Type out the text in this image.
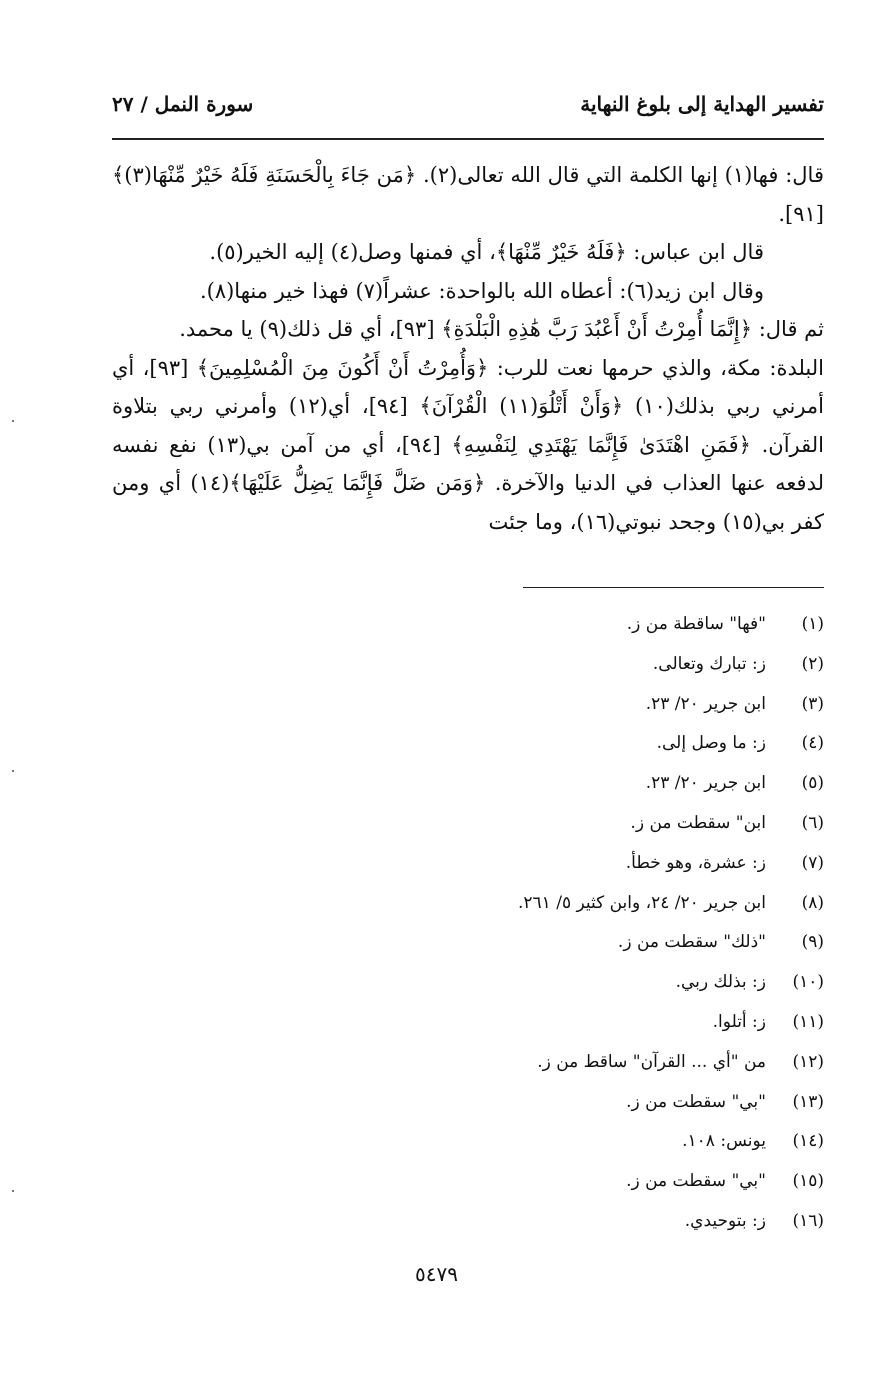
تفسير الهداية إلى بلوغ النهاية
سورة النمل / ٢٧

قال: فها(١) إنها الكلمة التي قال الله تعالى(٢). ﴿مَن جَاءَ بِالْحَسَنَةِ فَلَهُ خَيْرٌ مِّنْهَا(٣)﴾ [٩١].

قال ابن عباس: ﴿فَلَهُ خَيْرٌ مِّنْهَا﴾، أي فمنها وصل(٤) إليه الخير(٥).

وقال ابن زيد(٦): أعطاه الله بالواحدة: عشراً(٧) فهذا خير منها(٨).

ثم قال: ﴿إِنَّمَا أُمِرْتُ أَنْ أَعْبُدَ رَبَّ هَٰذِهِ الْبَلْدَةِ﴾ [٩٣]، أي قل ذلك(٩) يا محمد.

البلدة: مكة، والذي حرمها نعت للرب: ﴿وَأُمِرْتُ أَنْ أَكُونَ مِنَ الْمُسْلِمِينَ﴾ [٩٣]، أي أمرني ربي بذلك(١٠) ﴿وَأَنْ أَتْلُوَ(١١) الْقُرْآنَ﴾ [٩٤]، أي(١٢) وأمرني ربي بتلاوة القرآن. ﴿فَمَنِ اهْتَدَىٰ فَإِنَّمَا يَهْتَدِي لِنَفْسِهِ﴾ [٩٤]، أي من آمن بي(١٣) نفع نفسه لدفعه عنها العذاب في الدنيا والآخرة. ﴿وَمَن ضَلَّ فَإِنَّمَا يَضِلُّ عَلَيْهَا﴾(١٤) أي ومن كفر بي(١٥) وجحد نبوتي(١٦)، وما جئت

(١)"فها" ساقطة من ز.
(٢)ز: تبارك وتعالى.
(٣)ابن جرير ٢٠/ ٢٣.
(٤)ز: ما وصل إلى.
(٥)ابن جرير ٢٠/ ٢٣.
(٦)ابن" سقطت من ز.
(٧)ز: عشرة، وهو خطأ.
(٨)ابن جرير ٢٠/ ٢٤، وابن كثير ٥/ ٢٦١.
(٩)"ذلك" سقطت من ز.
(١٠)ز: بذلك ربي.
(١١)ز: أتلوا.
(١٢)من "أي ... القرآن" ساقط من ز.
(١٣)"بي" سقطت من ز.
(١٤)يونس: ١٠٨.
(١٥)"بي" سقطت من ز.
(١٦)ز: بتوحيدي.
٥٤٧٩
